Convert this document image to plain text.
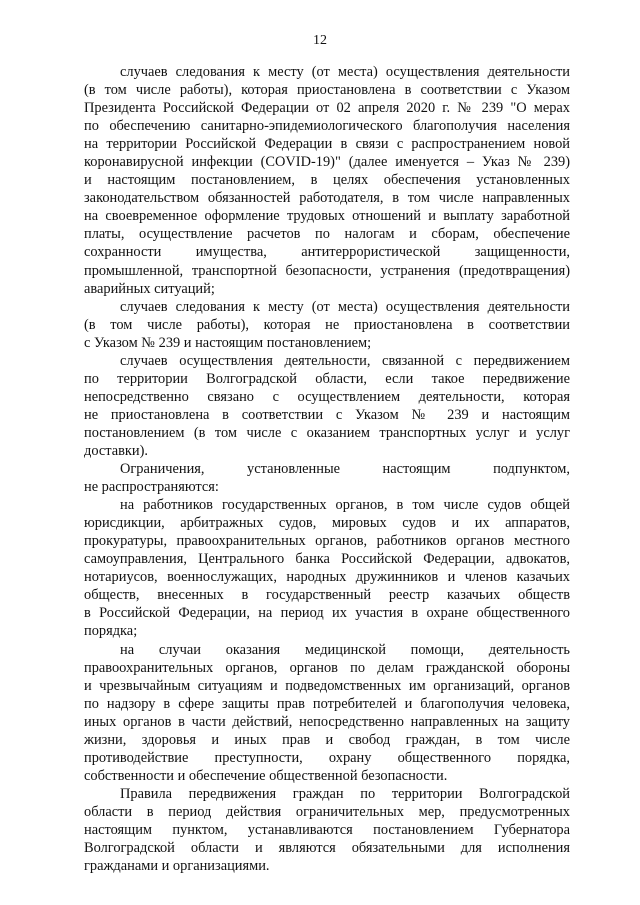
12
случаев следования к месту (от места) осуществления деятельности
(в том числе работы), которая приостановлена в соответствии с Указом
Президента Российской Федерации от 02 апреля 2020 г. № 239 "О мерах
по обеспечению санитарно-эпидемиологического благополучия населения
на территории Российской Федерации в связи с распространением новой
коронавирусной инфекции (COVID-19)" (далее именуется – Указ № 239)
и настоящим постановлением, в целях обеспечения установленных
законодательством обязанностей работодателя, в том числе направленных
на своевременное оформление трудовых отношений и выплату заработной
платы, осуществление расчетов по налогам и сборам, обеспечение
сохранности имущества, антитеррористической защищенности,
промышленной, транспортной безопасности, устранения (предотвращения)
аварийных ситуаций;
случаев следования к месту (от места) осуществления деятельности
(в том числе работы), которая не приостановлена в соответствии
с Указом № 239 и настоящим постановлением;
случаев осуществления деятельности, связанной с передвижением
по территории Волгоградской области, если такое передвижение
непосредственно связано с осуществлением деятельности, которая
не приостановлена в соответствии с Указом № 239 и настоящим
постановлением (в том числе с оказанием транспортных услуг и услуг
доставки).
Ограничения, установленные настоящим подпунктом,
не распространяются:
на работников государственных органов, в том числе судов общей
юрисдикции, арбитражных судов, мировых судов и их аппаратов,
прокуратуры, правоохранительных органов, работников органов местного
самоуправления, Центрального банка Российской Федерации, адвокатов,
нотариусов, военнослужащих, народных дружинников и членов казачьих
обществ, внесенных в государственный реестр казачьих обществ
в Российской Федерации, на период их участия в охране общественного
порядка;
на случаи оказания медицинской помощи, деятельность
правоохранительных органов, органов по делам гражданской обороны
и чрезвычайным ситуациям и подведомственных им организаций, органов
по надзору в сфере защиты прав потребителей и благополучия человека,
иных органов в части действий, непосредственно направленных на защиту
жизни, здоровья и иных прав и свобод граждан, в том числе
противодействие преступности, охрану общественного порядка,
собственности и обеспечение общественной безопасности.
Правила передвижения граждан по территории Волгоградской
области в период действия ограничительных мер, предусмотренных
настоящим пунктом, устанавливаются постановлением Губернатора
Волгоградской области и являются обязательными для исполнения
гражданами и организациями.
